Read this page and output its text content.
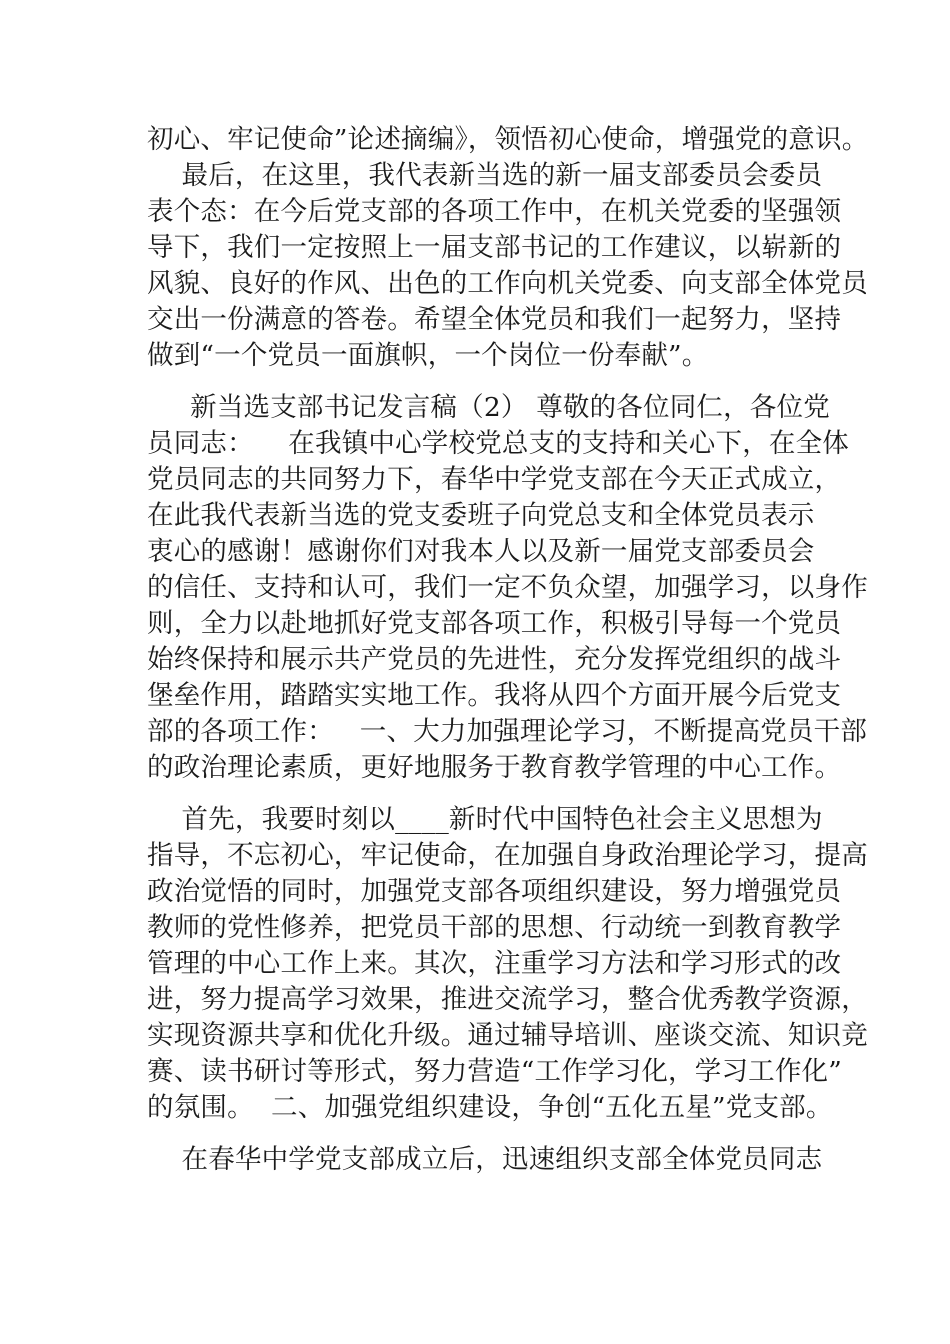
初心、牢记使命”论述摘编》，领悟初心使命，增强党的意识。
最后，在这里，我代表新当选的新一届支部委员会委员
表个态：在今后党支部的各项工作中，在机关党委的坚强领
导下，我们一定按照上一届支部书记的工作建议，以崭新的
风貌、良好的作风、出色的工作向机关党委、向支部全体党员
交出一份满意的答卷。希望全体党员和我们一起努力，坚持
做到“一个党员一面旗帜，一个岗位一份奉献”。
新当选支部书记发言稿（2） 尊敬的各位同仁，各位党
员同志：    在我镇中心学校党总支的支持和关心下，在全体
党员同志的共同努力下，春华中学党支部在今天正式成立，
在此我代表新当选的党支委班子向党总支和全体党员表示
衷心的感谢！感谢你们对我本人以及新一届党支部委员会
的信任、支持和认可，我们一定不负众望，加强学习，以身作
则，全力以赴地抓好党支部各项工作，积极引导每一个党员
始终保持和展示共产党员的先进性，充分发挥党组织的战斗
堡垒作用，踏踏实实地工作。我将从四个方面开展今后党支
部的各项工作：   一、大力加强理论学习，不断提高党员干部
的政治理论素质，更好地服务于教育教学管理的中心工作。
首先，我要时刻以____新时代中国特色社会主义思想为
指导，不忘初心，牢记使命，在加强自身政治理论学习，提高
政治觉悟的同时，加强党支部各项组织建设，努力增强党员
教师的党性修养，把党员干部的思想、行动统一到教育教学
管理的中心工作上来。其次，注重学习方法和学习形式的改
进，努力提高学习效果，推进交流学习，整合优秀教学资源，
实现资源共享和优化升级。通过辅导培训、座谈交流、知识竞
赛、读书研讨等形式，努力营造“工作学习化，学习工作化”
的氛围。  二、加强党组织建设，争创“五化五星”党支部。
在春华中学党支部成立后，迅速组织支部全体党员同志
